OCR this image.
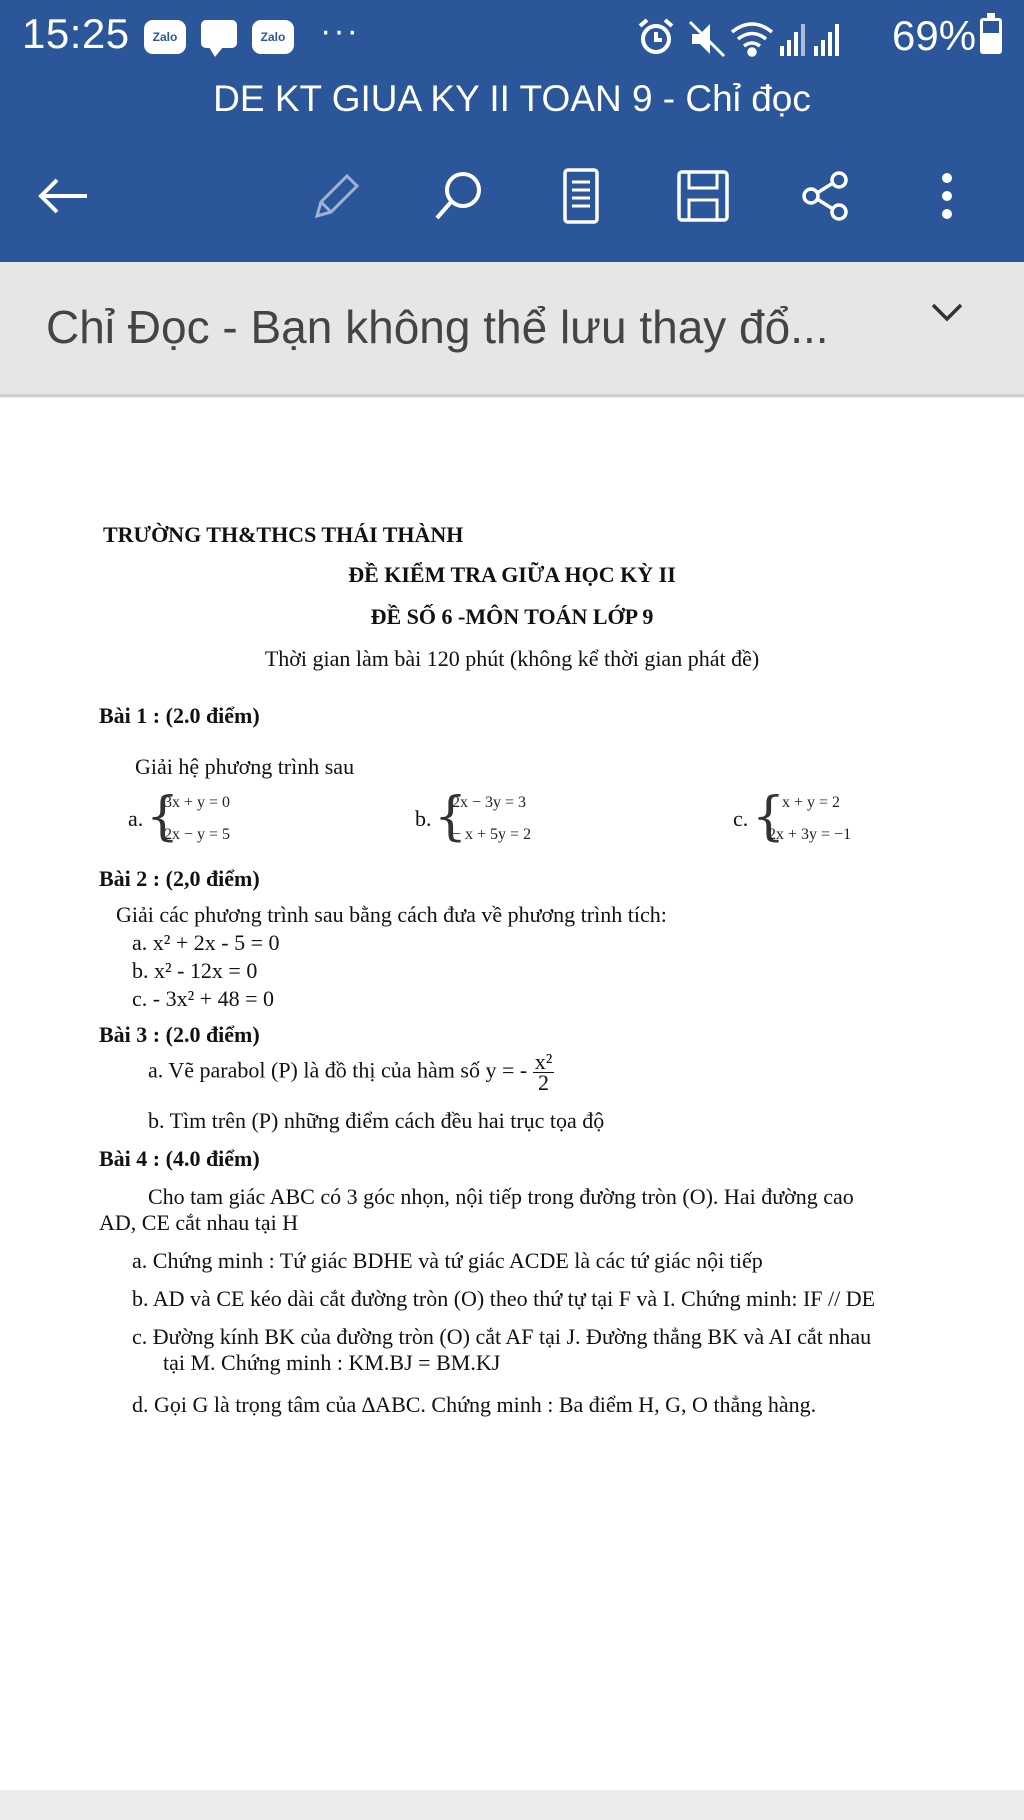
15:25	Zalo	Zalo ···	69%
DE KT GIUA KY II TOAN 9 - Chỉ đọc
Chỉ Đọc - Bạn không thể lưu thay đổ...
TRƯỜNG TH&THCS THÁI THÀNH
ĐỀ KIỂM TRA GIỮA HỌC KỲ II
ĐỀ SỐ 6 -MÔN TOÁN LỚP 9
Thời gian làm bài 120 phút (không kể thời gian phát đề)
Bài 1 : (2.0 điểm)
Giải hệ phương trình sau
a. {
3x + y = 0
2x − y = 5
b. {
2x − 3y = 3
− x + 5y = 2
c. {
x + y = 2
2x + 3y = −1
Bài 2 : (2,0 điểm)
Giải các phương trình sau bằng cách đưa về phương trình tích:
a. x² + 2x - 5 = 0
b. x² - 12x = 0
c. - 3x² + 48 = 0
Bài 3 : (2.0 điểm)
a. Vẽ parabol (P) là đồ thị của hàm số y = - $\frac{\text{x²}}{2}$
b. Tìm trên (P) những điểm cách đều hai trục tọa độ
Bài 4 : (4.0 điểm)
Cho tam giác ABC có 3 góc nhọn, nội tiếp trong đường tròn (O). Hai đường cao
AD, CE cắt nhau tại H
a. Chứng minh : Tứ giác BDHE và tứ giác ACDE là các tứ giác nội tiếp
b. AD và CE kéo dài cắt đường tròn (O) theo thứ tự tại F và I. Chứng minh: IF // DE
c. Đường kính BK của đường tròn (O) cắt AF tại J. Đường thẳng BK và AI cắt nhau
tại M. Chứng minh : KM.BJ = BM.KJ
d. Gọi G là trọng tâm của ∆ABC. Chứng minh : Ba điểm H, G, O thẳng hàng.
